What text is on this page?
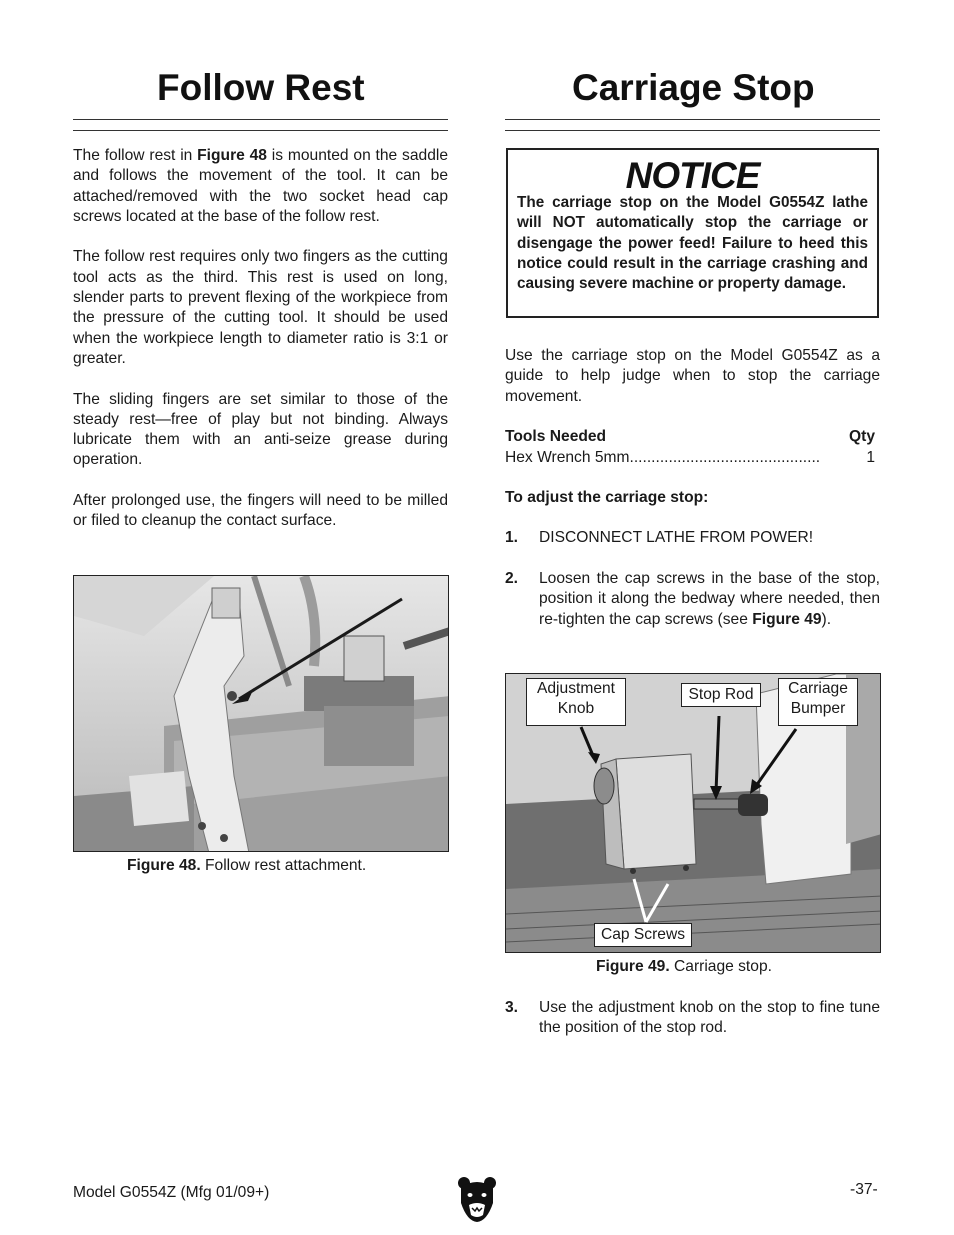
Follow Rest

The follow rest in Figure 48 is mounted on the saddle and follows the movement of the tool. It can be attached/removed with the two socket head cap screws located at the base of the follow rest.

The follow rest requires only two fingers as the cutting tool acts as the third. This rest is used on long, slender parts to prevent flexing of the workpiece from the pressure of the cutting tool. It should be used when the workpiece length to diameter ratio is 3:1 or greater.

The sliding fingers are set similar to those of the steady rest—free of play but not binding. Always lubricate them with an anti-seize grease during operation.

After prolonged use, the fingers will need to be milled or filed to cleanup the contact surface.

Figure 48. Follow rest attachment.
Carriage Stop
NOTICE
The carriage stop on the Model G0554Z lathe will NOT automatically stop the carriage or disengage the power feed! Failure to heed this notice could result in the carriage crashing and causing severe machine or property damage.

Use the carriage stop on the Model G0554Z as a guide to help judge when to stop the carriage movement.

Tools Needed	Qty
Hex Wrench 5mm............................................	1
To adjust the carriage stop:
1. DISCONNECT LATHE FROM POWER!

2. Loosen the cap screws in the base of the stop, position it along the bedway where needed, then re-tighten the cap screws (see Figure 49).

Adjustment
Knob
Stop Rod	Carriage
Bumper
Cap Screws
Figure 49. Carriage stop.
3. Use the adjustment knob on the stop to fine tune the position of the stop rod.

Model G0554Z (Mfg 01/09+)	-37-
